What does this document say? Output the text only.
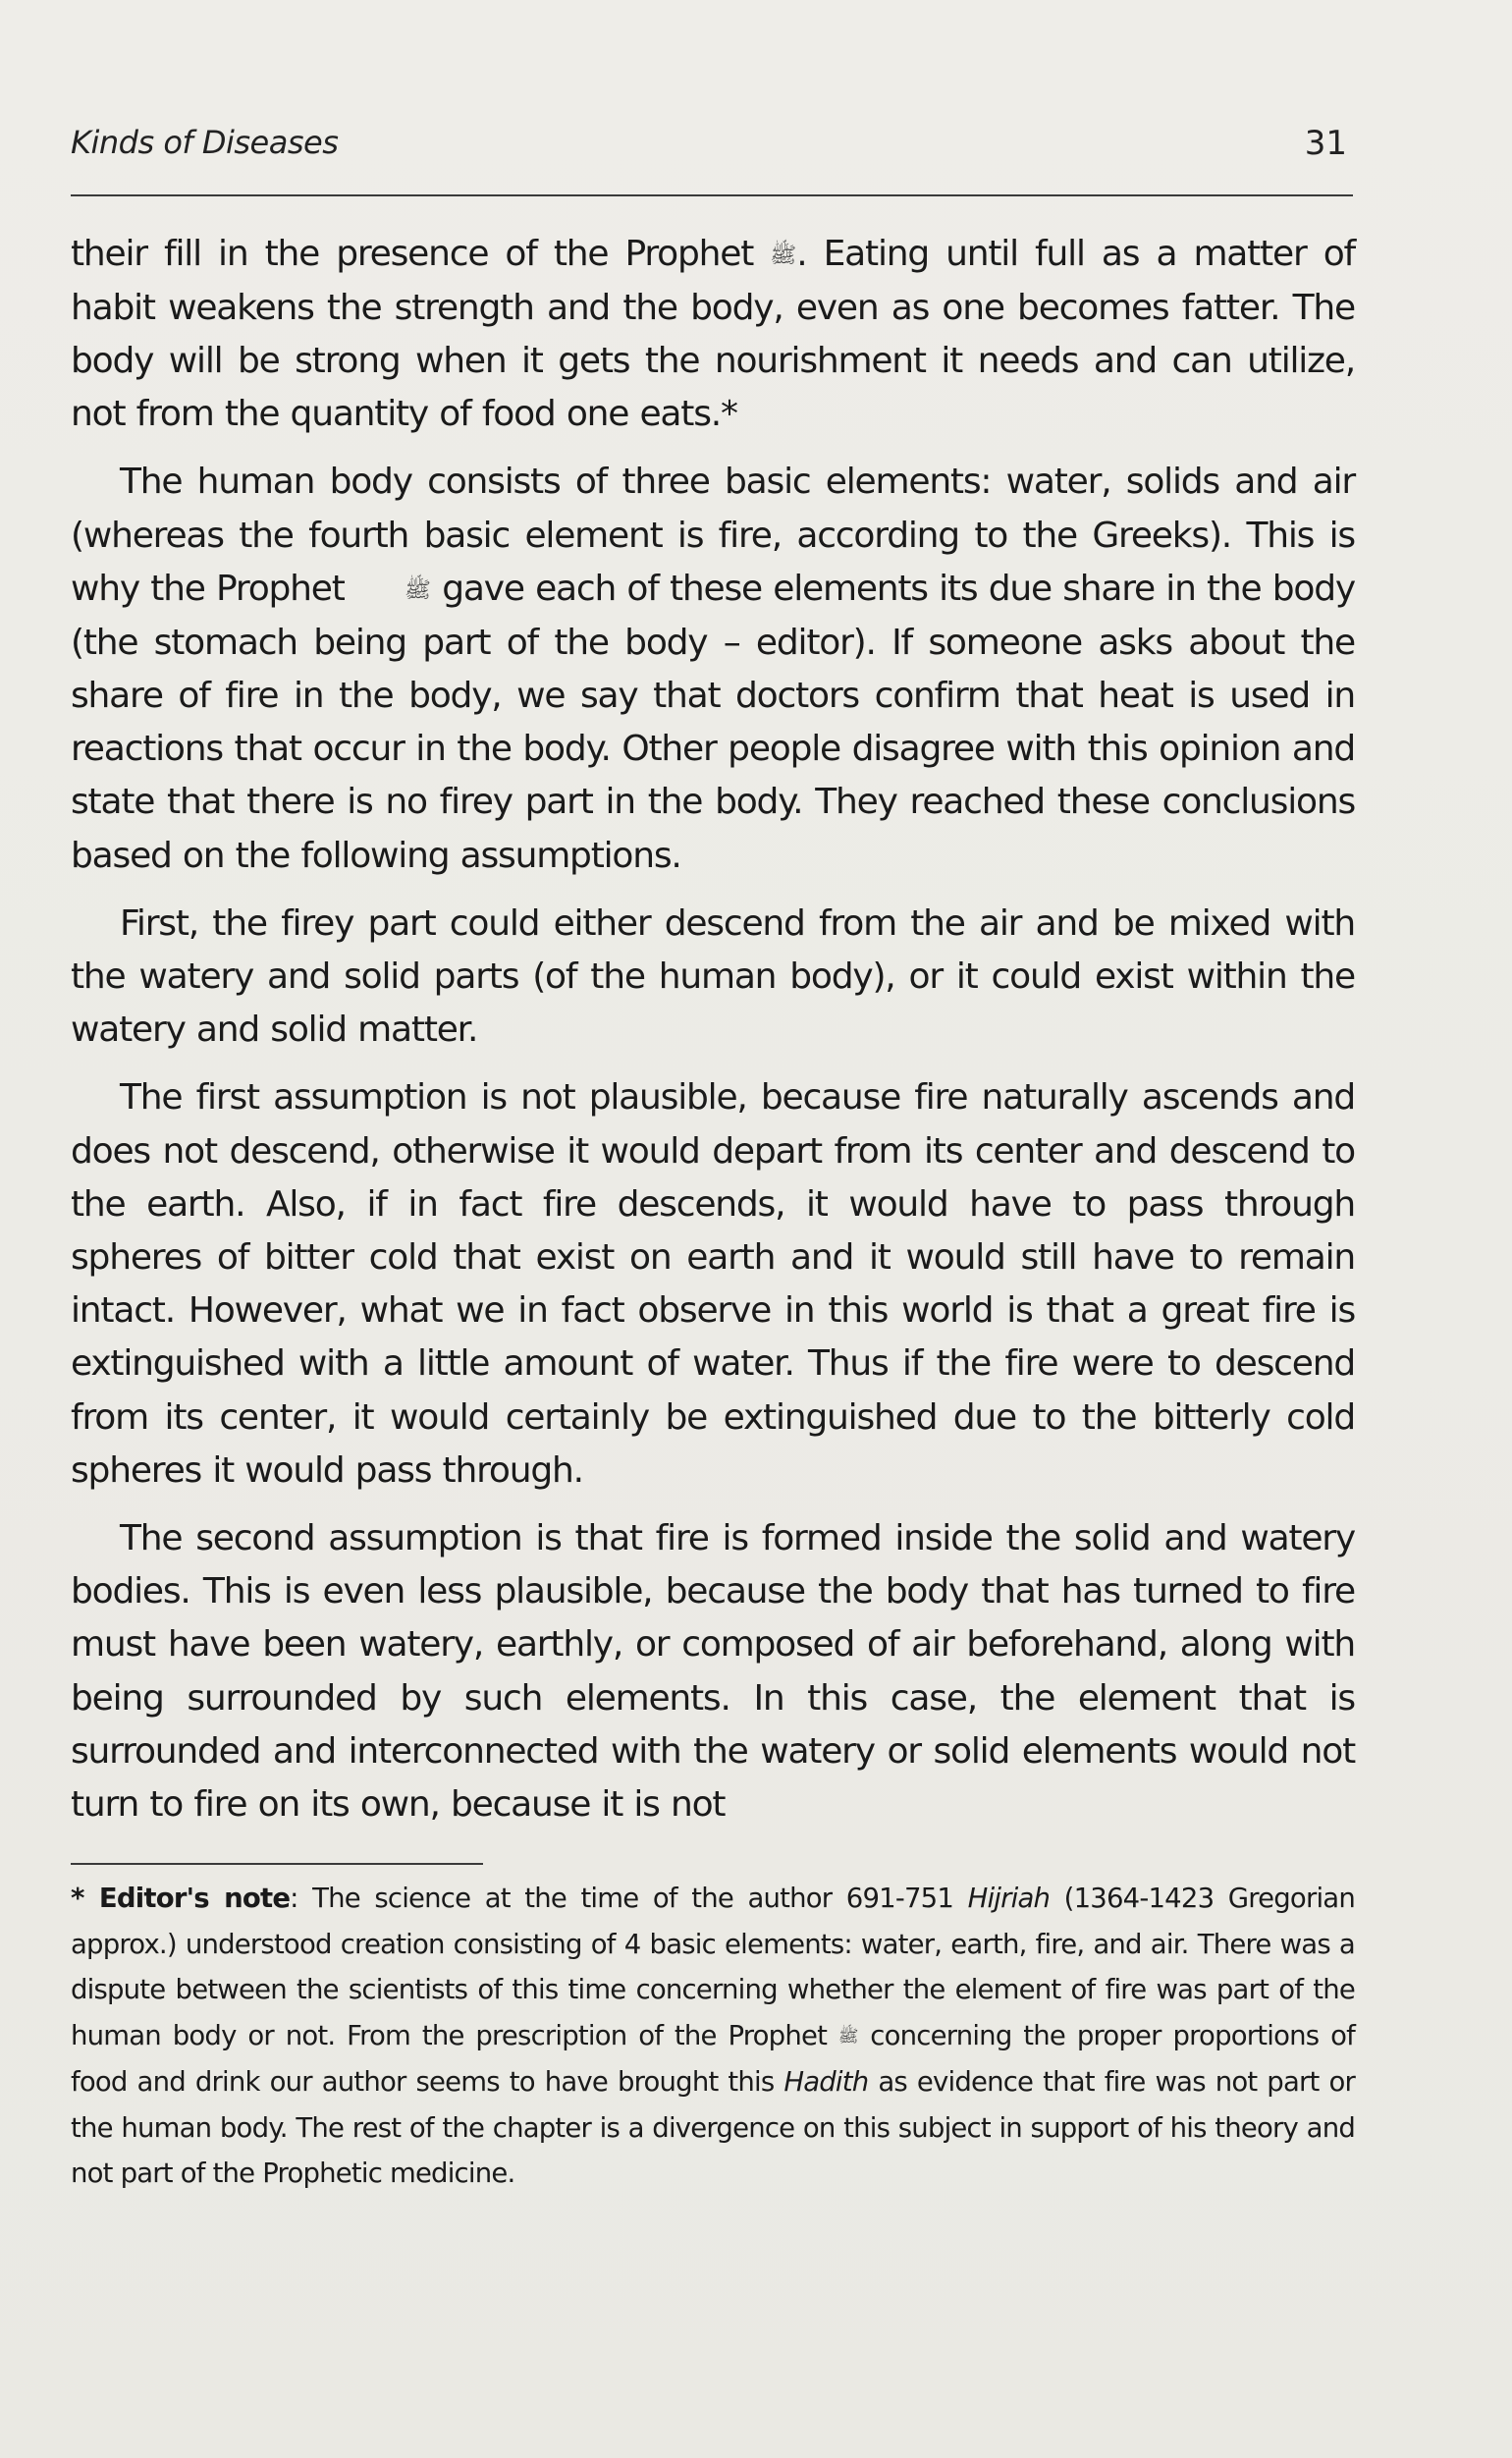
Kinds of Diseases	31

their fill in the presence of the Prophet ﷺ. Eating until full as a matter of habit weakens the strength and the body, even as one becomes fatter. The body will be strong when it gets the nourishment it needs and can utilize, not from the quantity of food one eats.*

The human body consists of three basic elements: water, solids and air (whereas the fourth basic element is fire, according to the Greeks). This is why the Prophet ﷺ gave each of these elements its due share in the body (the stomach being part of the body – editor). If someone asks about the share of fire in the body, we say that doctors confirm that heat is used in reactions that occur in the body. Other people disagree with this opinion and state that there is no firey part in the body. They reached these conclusions based on the following assumptions.

First, the firey part could either descend from the air and be mixed with the watery and solid parts (of the human body), or it could exist within the watery and solid matter.

The first assumption is not plausible, because fire naturally ascends and does not descend, otherwise it would depart from its center and descend to the earth. Also, if in fact fire descends, it would have to pass through spheres of bitter cold that exist on earth and it would still have to remain intact. However, what we in fact observe in this world is that a great fire is extinguished with a little amount of water. Thus if the fire were to descend from its center, it would certainly be extinguished due to the bitterly cold spheres it would pass through.

The second assumption is that fire is formed inside the solid and watery bodies. This is even less plausible, because the body that has turned to fire must have been watery, earthly, or composed of air beforehand, along with being surrounded by such elements. In this case, the element that is surrounded and interconnected with the watery or solid elements would not turn to fire on its own, because it is not

* Editor's note: The science at the time of the author 691-751 Hijriah (1364-1423 Gregorian approx.) understood creation consisting of 4 basic elements: water, earth, fire, and air. There was a dispute between the scientists of this time concerning whether the element of fire was part of the human body or not. From the prescription of the Prophet ﷺ concerning the proper proportions of food and drink our author seems to have brought this Hadith as evidence that fire was not part or the human body. The rest of the chapter is a divergence on this subject in support of his theory and not part of the Prophetic medicine.
